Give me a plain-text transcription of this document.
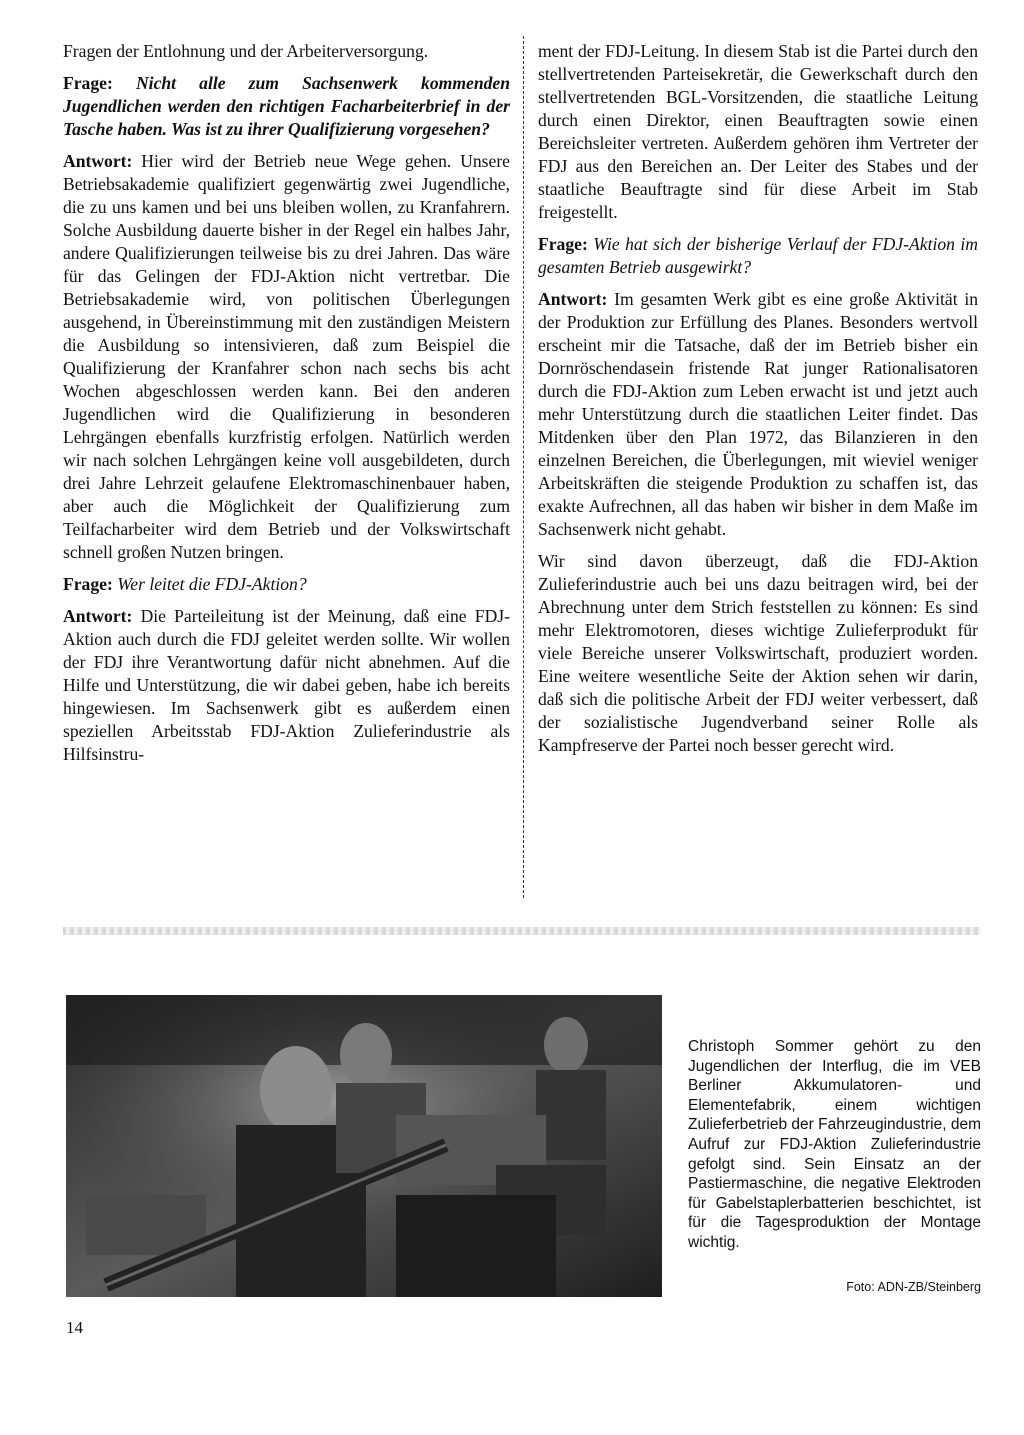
Fragen der Entlohnung und der Arbeiterversorgung.

Frage: Nicht alle zum Sachsenwerk kommenden Jugendlichen werden den richtigen Facharbeiterbrief in der Tasche haben. Was ist zu ihrer Qualifizierung vorgesehen?

Antwort: Hier wird der Betrieb neue Wege gehen. Unsere Betriebsakademie qualifiziert gegenwärtig zwei Jugendliche, die zu uns kamen und bei uns bleiben wollen, zu Kranfahrern. Solche Ausbildung dauerte bisher in der Regel ein halbes Jahr, andere Qualifizierungen teilweise bis zu drei Jahren. Das wäre für das Gelingen der FDJ-Aktion nicht vertretbar. Die Betriebsakademie wird, von politischen Überlegungen ausgehend, in Übereinstimmung mit den zuständigen Meistern die Ausbildung so intensivieren, daß zum Beispiel die Qualifizierung der Kranfahrer schon nach sechs bis acht Wochen abgeschlossen werden kann. Bei den anderen Jugendlichen wird die Qualifizierung in besonderen Lehrgängen ebenfalls kurzfristig erfolgen. Natürlich werden wir nach solchen Lehrgängen keine voll ausgebildeten, durch drei Jahre Lehrzeit gelaufene Elektromaschinenbauer haben, aber auch die Möglichkeit der Qualifizierung zum Teilfacharbeiter wird dem Betrieb und der Volkswirtschaft schnell großen Nutzen bringen.

Frage: Wer leitet die FDJ-Aktion?

Antwort: Die Parteileitung ist der Meinung, daß eine FDJ-Aktion auch durch die FDJ geleitet werden sollte. Wir wollen der FDJ ihre Verantwortung dafür nicht abnehmen. Auf die Hilfe und Unterstützung, die wir dabei geben, habe ich bereits hingewiesen. Im Sachsenwerk gibt es außerdem einen speziellen Arbeitsstab FDJ-Aktion Zulieferindustrie als Hilfsinstru-

ment der FDJ-Leitung. In diesem Stab ist die Partei durch den stellvertretenden Parteisekretär, die Gewerkschaft durch den stellvertretenden BGL-Vorsitzenden, die staatliche Leitung durch einen Direktor, einen Beauftragten sowie einen Bereichsleiter vertreten. Außerdem gehören ihm Vertreter der FDJ aus den Bereichen an. Der Leiter des Stabes und der staatliche Beauftragte sind für diese Arbeit im Stab freigestellt.

Frage: Wie hat sich der bisherige Verlauf der FDJ-Aktion im gesamten Betrieb ausgewirkt?

Antwort: Im gesamten Werk gibt es eine große Aktivität in der Produktion zur Erfüllung des Planes. Besonders wertvoll erscheint mir die Tatsache, daß der im Betrieb bisher ein Dornröschendasein fristende Rat junger Rationalisatoren durch die FDJ-Aktion zum Leben erwacht ist und jetzt auch mehr Unterstützung durch die staatlichen Leiter findet. Das Mitdenken über den Plan 1972, das Bilanzieren in den einzelnen Bereichen, die Überlegungen, mit wieviel weniger Arbeitskräften die steigende Produktion zu schaffen ist, das exakte Aufrechnen, all das haben wir bisher in dem Maße im Sachsenwerk nicht gehabt.

Wir sind davon überzeugt, daß die FDJ-Aktion Zulieferindustrie auch bei uns dazu beitragen wird, bei der Abrechnung unter dem Strich feststellen zu können: Es sind mehr Elektromotoren, dieses wichtige Zulieferprodukt für viele Bereiche unserer Volkswirtschaft, produziert worden. Eine weitere wesentliche Seite der Aktion sehen wir darin, daß sich die politische Arbeit der FDJ weiter verbessert, daß der sozialistische Jugendverband seiner Rolle als Kampfreserve der Partei noch besser gerecht wird.

Christoph Sommer gehört zu den Jugendlichen der Interflug, die im VEB Berliner Akkumulatoren- und Elementefabrik, einem wichtigen Zulieferbetrieb der Fahrzeugindustrie, dem Aufruf zur FDJ-Aktion Zulieferindustrie gefolgt sind. Sein Einsatz an der Pastiermaschine, die negative Elektroden für Gabelstaplerbatterien beschichtet, ist für die Tagesproduktion der Montage wichtig.
Foto: ADN-ZB/Steinberg
14
